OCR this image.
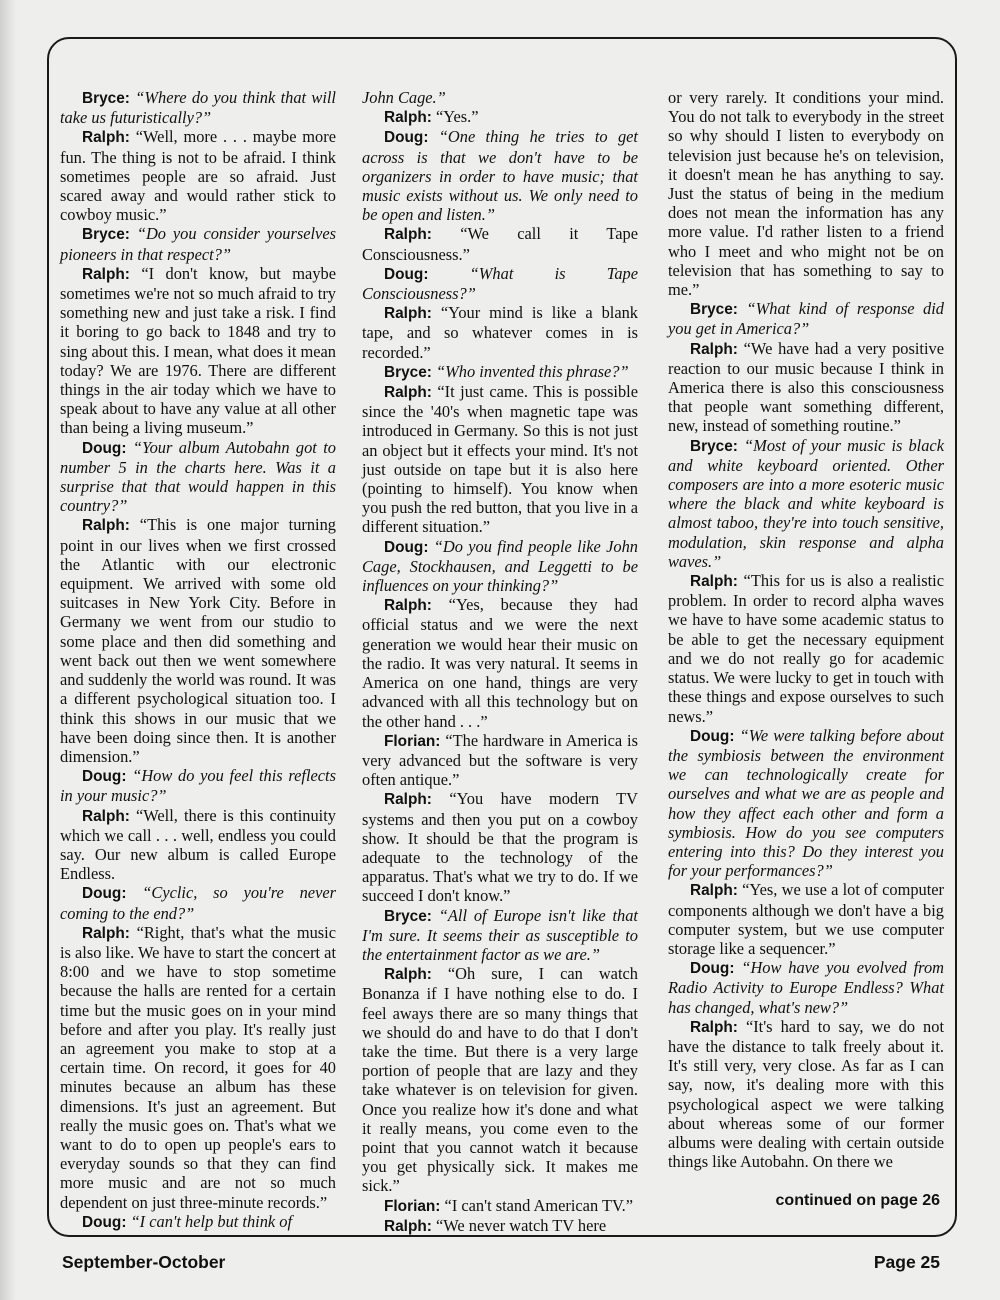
Bryce: “Where do you think that will take us futuristically?”

Ralph: “Well, more . . . maybe more fun. The thing is not to be afraid. I think sometimes people are so afraid. Just scared away and would rather stick to cowboy music.”

Bryce: “Do you consider yourselves pioneers in that respect?”

Ralph: “I don't know, but maybe sometimes we're not so much afraid to try something new and just take a risk. I find it boring to go back to 1848 and try to sing about this. I mean, what does it mean today? We are 1976. There are different things in the air today which we have to speak about to have any value at all other than being a living museum.”

Doug: “Your album Autobahn got to number 5 in the charts here. Was it a surprise that that would happen in this country?”

Ralph: “This is one major turning point in our lives when we first crossed the Atlantic with our electronic equipment. We arrived with some old suitcases in New York City. Before in Germany we went from our studio to some place and then did something and went back out then we went somewhere and suddenly the world was round. It was a different psychological situation too. I think this shows in our music that we have been doing since then. It is another dimension.”

Doug: “How do you feel this reflects in your music?”

Ralph: “Well, there is this continuity which we call . . . well, endless you could say. Our new album is called Europe Endless.

Doug: “Cyclic, so you're never coming to the end?”

Ralph: “Right, that's what the music is also like. We have to start the concert at 8:00 and we have to stop sometime because the halls are rented for a certain time but the music goes on in your mind before and after you play. It's really just an agreement you make to stop at a certain time. On record, it goes for 40 minutes because an album has these dimensions. It's just an agreement. But really the music goes on. That's what we want to do to open up people's ears to everyday sounds so that they can find more music and are not so much dependent on just three-minute records.”

Doug: “I can't help but think of

John Cage.”

Ralph: “Yes.”

Doug: “One thing he tries to get across is that we don't have to be organizers in order to have music; that music exists without us. We only need to be open and listen.”

Ralph: “We call it Tape Consciousness.”

Doug:	“What is Tape Consciousness?”

Ralph: “Your mind is like a blank tape, and so whatever comes in is recorded.”

Bryce: “Who invented this phrase?”

Ralph: “It just came. This is possible since the '40's when magnetic tape was introduced in Germany. So this is not just an object but it effects your mind. It's not just outside on tape but it is also here (pointing to himself). You know when you push the red button, that you live in a different situation.”

Doug: “Do you find people like John Cage, Stockhausen, and Leggetti to be influences on your thinking?”

Ralph: “Yes, because they had official status and we were the next generation we would hear their music on the radio. It was very natural. It seems in America on one hand, things are very advanced with all this technology but on the other hand . . .”

Florian: “The hardware in America is very advanced but the software is very often antique.”

Ralph: “You have modern TV systems and then you put on a cowboy show. It should be that the program is adequate to the technology of the apparatus. That's what we try to do. If we succeed I don't know.”

Bryce: “All of Europe isn't like that I'm sure. It seems their as susceptible to the entertainment factor as we are.”

Ralph: “Oh sure, I can watch Bonanza if I have nothing else to do. I feel aways there are so many things that we should do and have to do that I don't take the time. But there is a very large portion of people that are lazy and they take whatever is on television for given. Once you realize how it's done and what it really means, you come even to the point that you cannot watch it because you get physically sick. It makes me sick.”

Florian: “I can't stand American TV.”

Ralph: “We never watch TV here

or very rarely. It conditions your mind. You do not talk to everybody in the street so why should I listen to everybody on television just because he's on television, it doesn't mean he has anything to say. Just the status of being in the medium does not mean the information has any more value. I'd rather listen to a friend who I meet and who might not be on television that has something to say to me.”

Bryce: “What kind of response did you get in America?”

Ralph: “We have had a very positive reaction to our music because I think in America there is also this consciousness that people want something different, new, instead of something routine.”

Bryce: “Most of your music is black and white keyboard oriented. Other composers are into a more esoteric music where the black and white keyboard is almost taboo, they're into touch sensitive, modulation, skin response and alpha waves.”

Ralph: “This for us is also a realistic problem. In order to record alpha waves we have to have some academic status to be able to get the necessary equipment and we do not really go for academic status. We were lucky to get in touch with these things and expose ourselves to such news.”

Doug: “We were talking before about the symbiosis between the environment we can technologically create for ourselves and what we are as people and how they affect each other and form a symbiosis. How do you see computers entering into this? Do they interest you for your performances?”

Ralph: “Yes, we use a lot of computer components although we don't have a big computer system, but we use computer storage like a sequencer.”

Doug: “How have you evolved from Radio Activity to Europe Endless? What has changed, what's new?”

Ralph: “It's hard to say, we do not have the distance to talk freely about it. It's still very, very close. As far as I can say, now, it's dealing more with this psychological aspect we were talking about whereas some of our former albums were dealing with certain outside things like Autobahn. On there we

continued on page 26
September-October	Page 25
